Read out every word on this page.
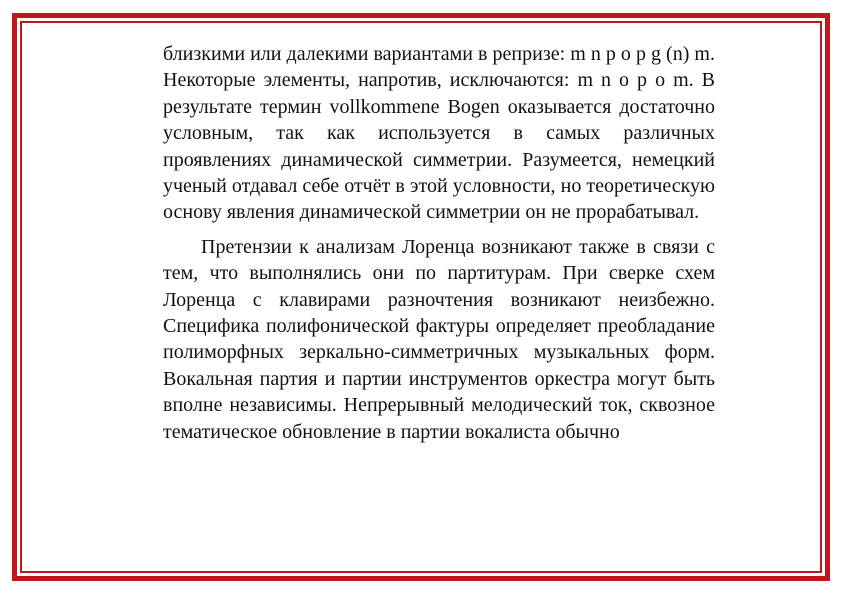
близкими или далекими вариантами в репризе: m n p o p g (n) m. Некоторые элементы, напротив, исключаются: m n o p o m. В результате термин vollkommene Bogen оказывается достаточно условным, так как используется в самых различных проявлениях динамической симметрии. Разумеется, немецкий ученый отдавал себе отчёт в этой условности, но теоретическую основу явления динамической симметрии он не прорабатывал.

Претензии к анализам Лоренца возникают также в связи с тем, что выполнялись они по партитурам. При сверке схем Лоренца с клавирами разночтения возникают неизбежно. Специфика полифонической фактуры определяет преобладание полиморфных зеркально-симметричных музыкальных форм. Вокальная партия и партии инструментов оркестра могут быть вполне независимы. Непрерывный мелодический ток, сквозное тематическое обновление в партии вокалиста обычно
